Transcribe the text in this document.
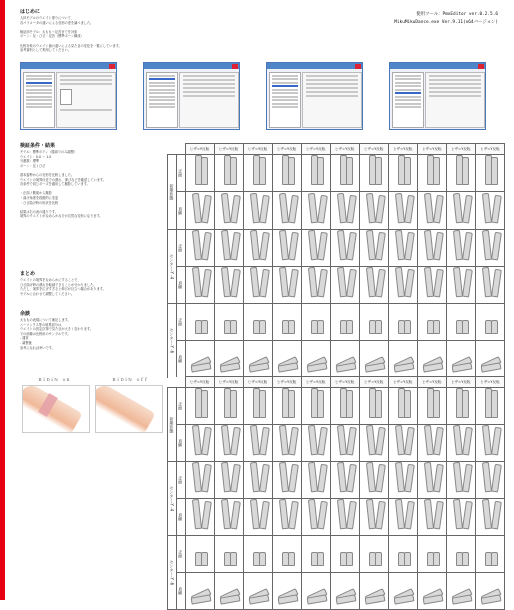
はじめに
人体モデルのウエイト塗りについて、
各パラメータの違いによる変形の差を調べました。

検証用モデル：太もも〜足首までを対象
ボーン：足・ひざ・足首（標準ボーン構成）

比較対象のウエイト値の違いによる見た目の変化を一覧にしています。
参考資料として利用してください。
使用ツール：PmxEditor ver.0.2.5.6
MikuMikuDance.exe Ver.9.11(x64バージョン)
検証条件・結果
モデル：標準ボディ（膝周りのみ調整）
ウエイト：0.0 〜 1.0
分割数：標準
ボーン：足 / ひざ

基本姿勢からの変形を比較しました。
ウエイトの境界付近での潰れ、伸びなどを確認しています。
各条件で同じポーズを適用して撮影しています。

・正面 / 側面から撮影
・曲げ角度を段階的に変更
・ひざ曲げ時の形状を比較

結果は右の表の通りです。
境界のウエイトがなめらかな方が自然な変形になります。
まとめ
ウエイトの境界をなめらかにすることで、
ひざ曲げ時の潰れを軽減できることが分かりました。
ただし、境界を広げすぎると伸びが目立つ場合があります。
モデルに合わせて調整してください。
余談
太ももの表現について補足します。
ニーソックス等の境界部分は、
ウエイトの設定次第で見た目が大きく変わります。
下の画像は比較用のサンプルです。
- 通常
- 調整後
参考になれば幸いです。
ＲｉＤｉＮ　ｏｎ	ＲｉＤｉＮ　ｏｆｆ
		ヒザ=Y反転	ヒザ=Y反転	ヒザ=Y反転	ヒザ=Y反転	ヒザ=Y反転	ヒザ=Y反転	ヒザ=Y反転	ヒザ=Y反転	ヒザ=Y反転	ヒザ=Y反転	ヒザ=Y反転
初期状態	正面	

	真横	

センター-Y -4	正面	

	真横	

センター-Y -6	正面	

	真横	

		ヒザ=Y反転	ヒザ=Y反転	ヒザ=Y反転	ヒザ=Y反転	ヒザ=Y反転	ヒザ=Y反転	ヒザ=Y反転	ヒザ=Y反転	ヒザ=Y反転	ヒザ=Y反転	ヒザ=Y反転
初期状態	正面	

	真横	

センター-Y -4	正面	

	真横	

センター-Y -6	正面	

	真横	
